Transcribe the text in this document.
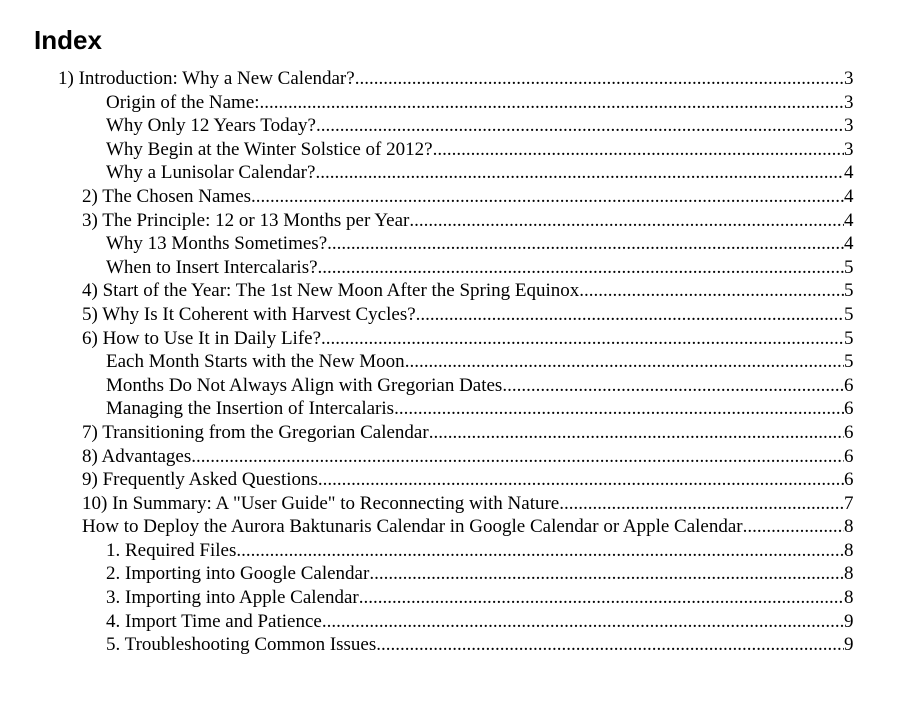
Index
1) Introduction: Why a New Calendar? .....	3
Origin of the Name: .....	3
Why Only 12 Years Today? .....	3
Why Begin at the Winter Solstice of 2012? .....	3
Why a Lunisolar Calendar? .....	4
2) The Chosen Names .....	4
3) The Principle: 12 or 13 Months per Year .....	4
Why 13 Months Sometimes? .....	4
When to Insert Intercalaris? .....	5
4) Start of the Year: The 1st New Moon After the Spring Equinox .....	5
5) Why Is It Coherent with Harvest Cycles? .....	5
6) How to Use It in Daily Life? .....	5
Each Month Starts with the New Moon .....	5
Months Do Not Always Align with Gregorian Dates .....	6
Managing the Insertion of Intercalaris .....	6
7) Transitioning from the Gregorian Calendar .....	6
8) Advantages .....	6
9) Frequently Asked Questions .....	6
10) In Summary: A "User Guide" to Reconnecting with Nature .....	7
How to Deploy the Aurora Baktunaris Calendar in Google Calendar or Apple Calendar .....	8
1. Required Files .....	8
2. Importing into Google Calendar .....	8
3. Importing into Apple Calendar .....	8
4. Import Time and Patience .....	9
5. Troubleshooting Common Issues .....	9
